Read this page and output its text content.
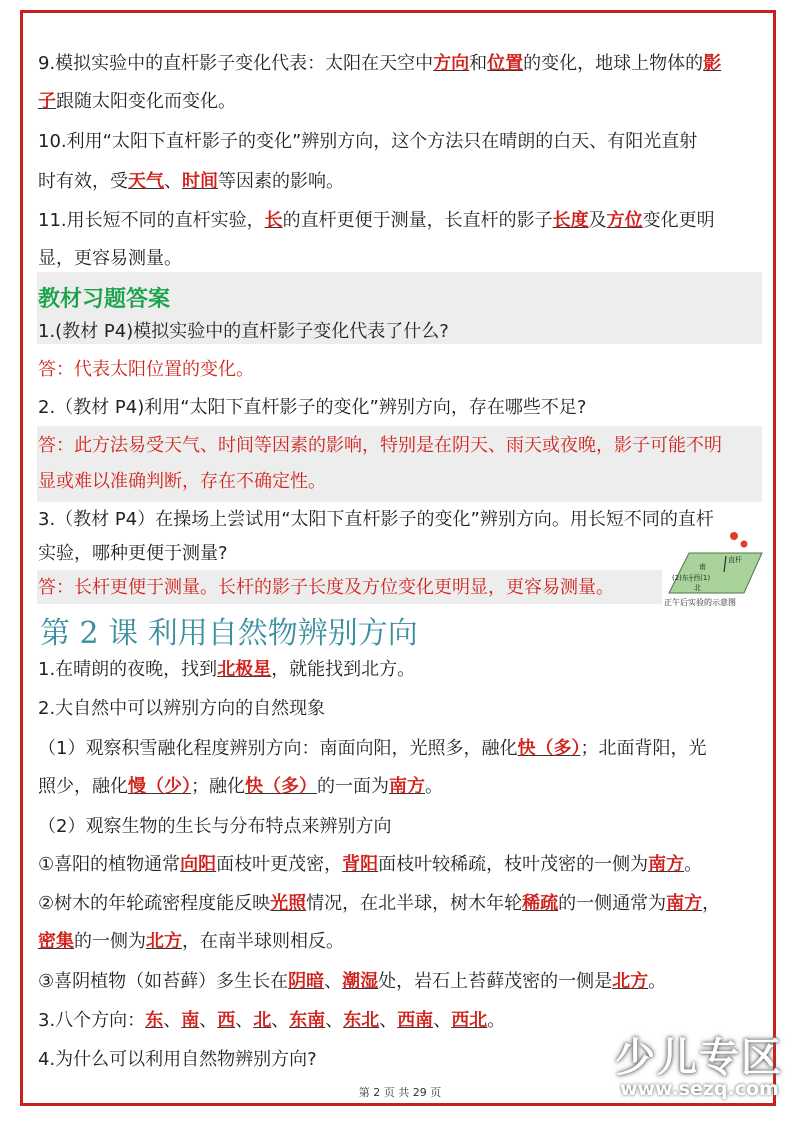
9.模拟实验中的直杆影子变化代表：太阳在天空中方向和位置的变化，地球上物体的影
子跟随太阳变化而变化。
10.利用“太阳下直杆影子的变化”辨别方向，这个方法只在晴朗的白天、有阳光直射
时有效，受天气、时间等因素的影响。
11.用长短不同的直杆实验，长的直杆更便于测量，长直杆的影子长度及方位变化更明
显，更容易测量。
教材习题答案
1.(教材 P4)模拟实验中的直杆影子变化代表了什么?
答：代表太阳位置的变化。
2.（教材 P4)利用“太阳下直杆影子的变化”辨别方向，存在哪些不足?
答：此方法易受天气、时间等因素的影响，特别是在阴天、雨天或夜晚，影子可能不明
显或难以准确判断，存在不确定性。
3.（教材 P4）在操场上尝试用“太阳下直杆影子的变化”辨别方向。用长短不同的直杆
实验，哪种更便于测量?
答：长杆更便于测量。长杆的影子长度及方位变化更明显，更容易测量。
直杆
南
(2)东┼西(1)
北
正午后实验的示意图
第 2 课 利用自然物辨别方向
1.在晴朗的夜晚，找到北极星，就能找到北方。
2.大自然中可以辨别方向的自然现象
（1）观察积雪融化程度辨别方向：南面向阳，光照多，融化快（多）；北面背阳，光
照少，融化慢（少）；融化快（多）的一面为南方。
（2）观察生物的生长与分布特点来辨别方向
①喜阳的植物通常向阳面枝叶更茂密，背阳面枝叶较稀疏，枝叶茂密的一侧为南方。
②树木的年轮疏密程度能反映光照情况，在北半球，树木年轮稀疏的一侧通常为南方，
密集的一侧为北方，在南半球则相反。
③喜阴植物（如苔藓）多生长在阴暗、潮湿处，岩石上苔藓茂密的一侧是北方。
3.八个方向：东、南、西、北、东南、东北、西南、西北。
4.为什么可以利用自然物辨别方向?
第 2 页 共 29 页
少儿专区
www.sezq.com
